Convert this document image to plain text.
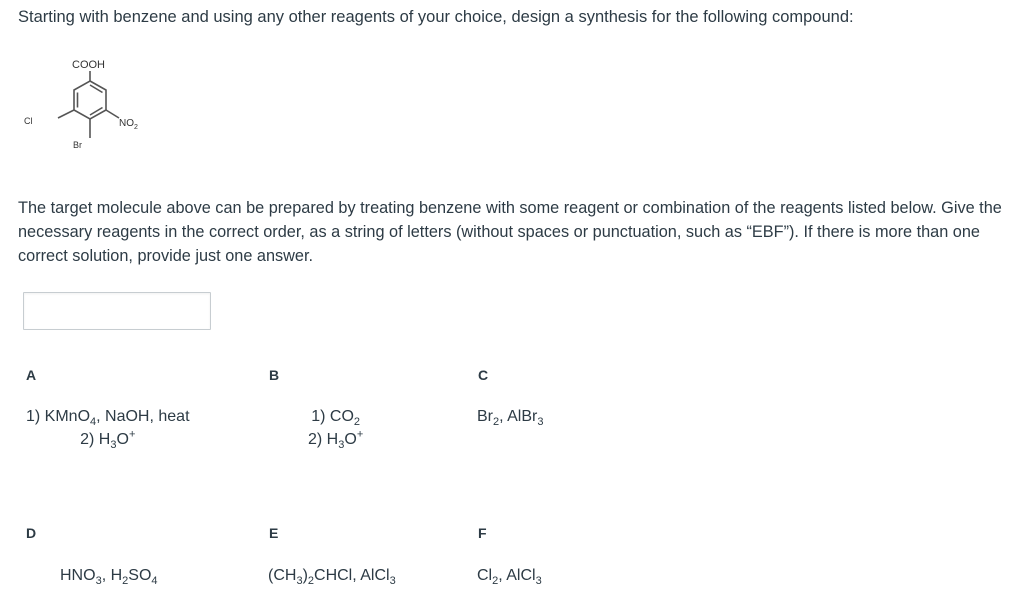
Starting with benzene and using any other reagents of your choice, design a synthesis for the following compound:
COOH
Cl	$NO_2$
Br
The target molecule above can be prepared by treating benzene with some reagent or combination of the reagents listed below. Give the necessary reagents in the correct order, as a string of letters (without spaces or punctuation, such as “EBF”). If there is more than one correct solution, provide just one answer.
A
1) KMnO$_4$, NaOH, heat
2) $H_3O^+$
B
1) $CO_2$
2) $H_3O^+$
C
$Br_2$, AlBr$_3$
D
$HNO_3$, $H_2SO_4$
E
$(CH_3)_2CHCl$, AlCl$_3$
F
$Cl_2$, AlCl$_3$
